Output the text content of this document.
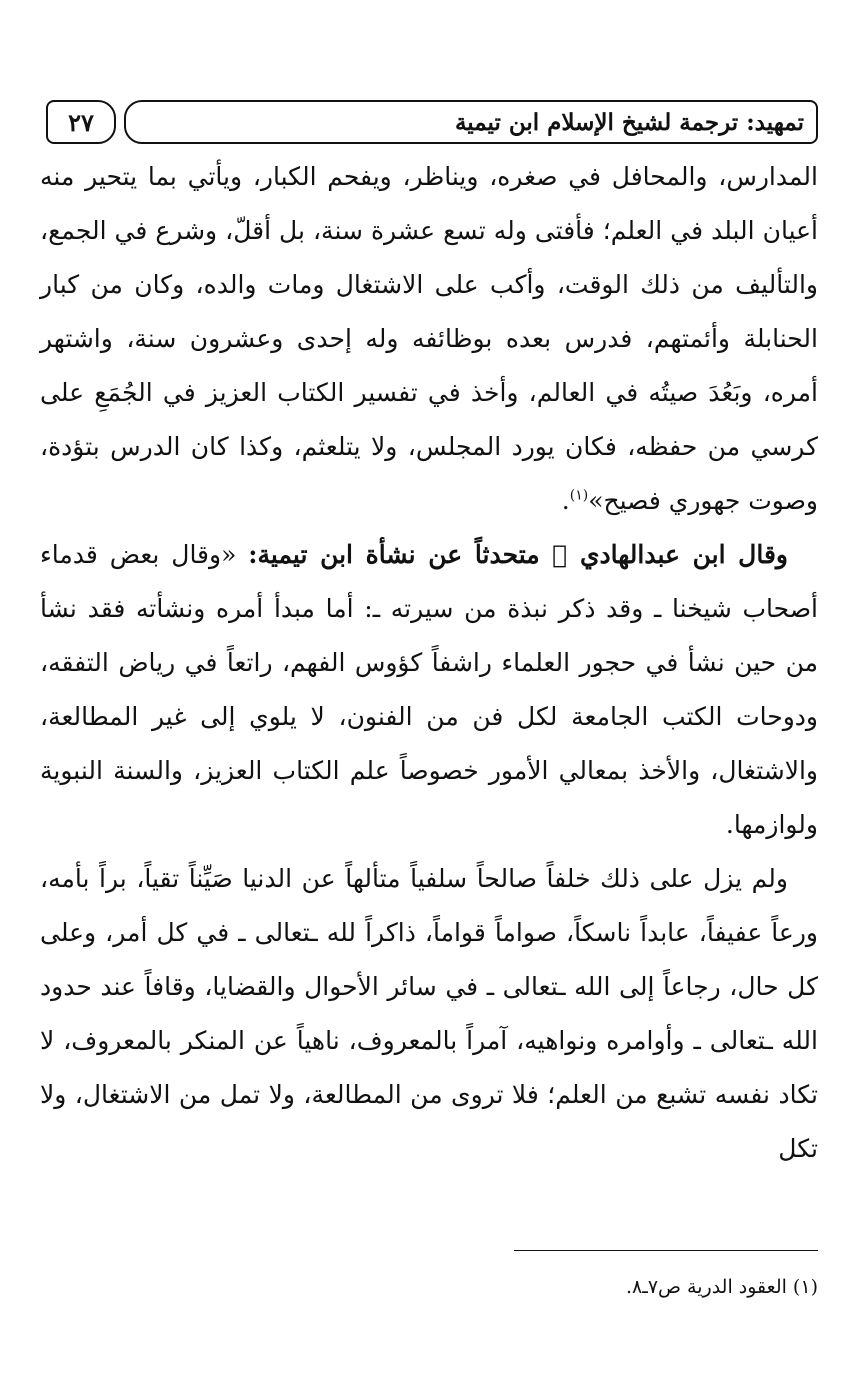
٢٧	تمهيد: ترجمة لشيخ الإسلام ابن تيمية

المدارس، والمحافل في صغره، ويناظر، ويفحم الكبار، ويأتي بما يتحير منه أعيان البلد في العلم؛ فأفتى وله تسع عشرة سنة، بل أقلّ، وشرع في الجمع، والتأليف من ذلك الوقت، وأكب على الاشتغال ومات والده، وكان من كبار الحنابلة وأئمتهم، فدرس بعده بوظائفه وله إحدى وعشرون سنة، واشتهر أمره، وبَعُدَ صيتُه في العالم، وأخذ في تفسير الكتاب العزيز في الجُمَعِ على كرسي من حفظه، فكان يورد المجلس، ولا يتلعثم، وكذا كان الدرس بتؤدة، وصوت جهوري فصيح»$^{(١)}$.

وقال ابن عبدالهادي ﷫ متحدثاً عن نشأة ابن تيمية: «وقال بعض قدماء أصحاب شيخنا ـ وقد ذكر نبذة من سيرته ـ: أما مبدأ أمره ونشأته فقد نشأ من حين نشأ في حجور العلماء راشفاً كؤوس الفهم، راتعاً في رياض التفقه، ودوحات الكتب الجامعة لكل فن من الفنون، لا يلوي إلى غير المطالعة، والاشتغال، والأخذ بمعالي الأمور خصوصاً علم الكتاب العزيز، والسنة النبوية ولوازمها.

ولم يزل على ذلك خلفاً صالحاً سلفياً متألهاً عن الدنيا صَيِّناً تقياً، براً بأمه، ورعاً عفيفاً، عابداً ناسكاً، صواماً قواماً، ذاكراً لله ـتعالى ـ في كل أمر، وعلى كل حال، رجاعاً إلى الله ـتعالى ـ في سائر الأحوال والقضايا، وقافاً عند حدود الله ـتعالى ـ وأوامره ونواهيه، آمراً بالمعروف، ناهياً عن المنكر بالمعروف، لا تكاد نفسه تشبع من العلم؛ فلا تروى من المطالعة، ولا تمل من الاشتغال، ولا تكل

(١) العقود الدرية ص٧ـ٨.
